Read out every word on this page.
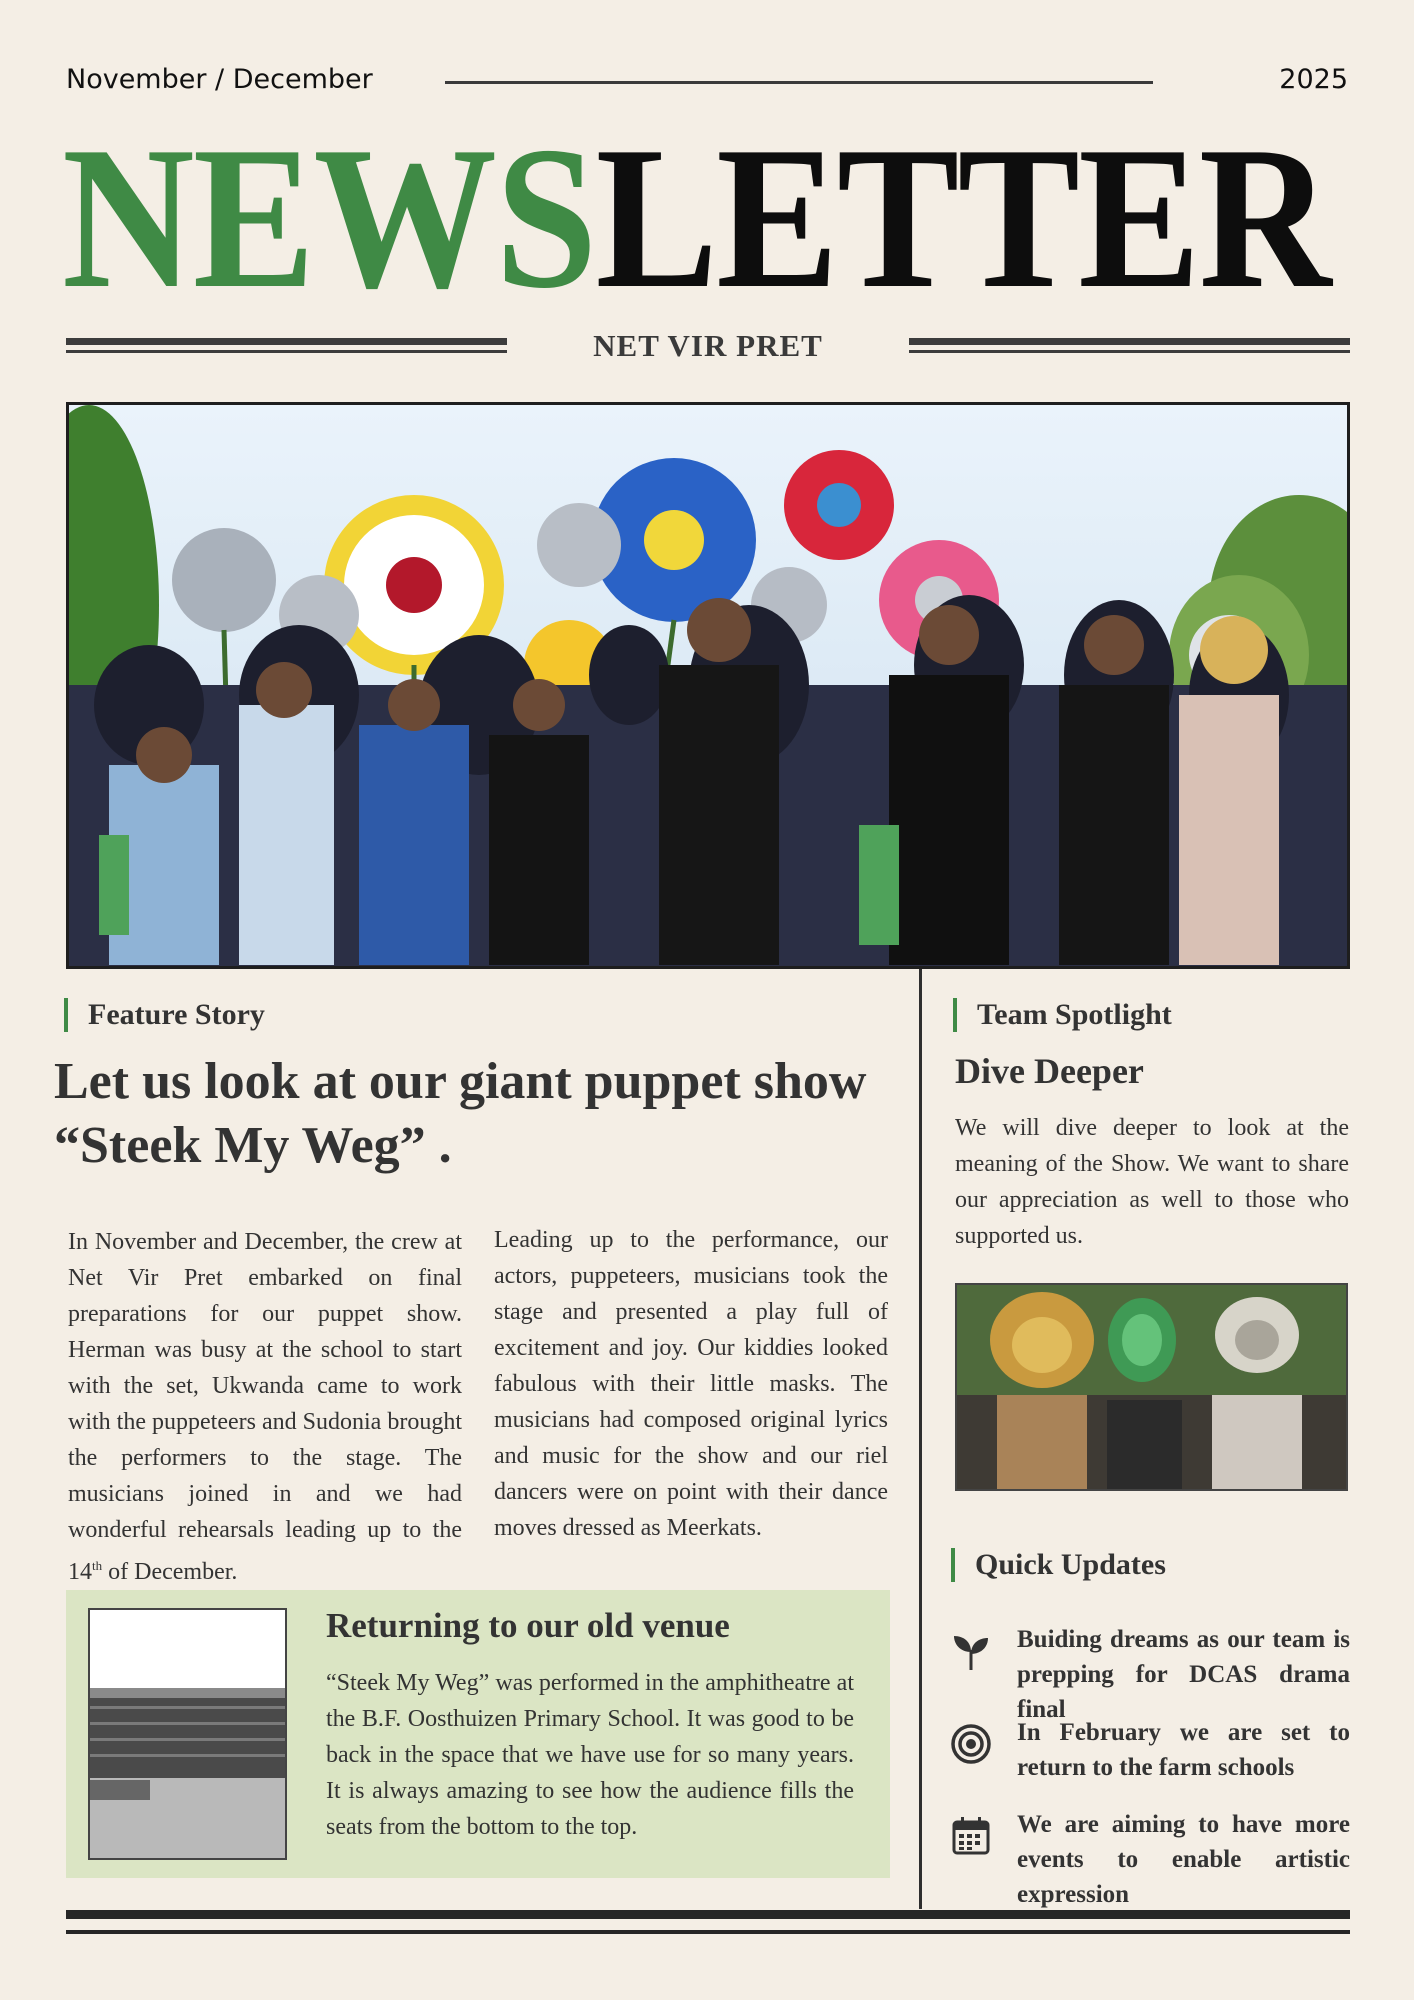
November / December	2025
NEWSLETTER
NET VIR PRET
Feature Story
Let us look at our giant puppet show “Steek My Weg” .
In November and December, the crew at Net Vir Pret embarked on final preparations for our puppet show. Herman was busy at the school to start with the set, Ukwanda came to work with the puppeteers and Sudonia brought the performers to the stage. The musicians joined in and we had wonderful rehearsals leading up to the 14th of December.
Leading up to the performance, our actors, puppeteers, musicians took the stage and presented a play full of excitement and joy. Our kiddies looked fabulous with their little masks. The musicians had composed original lyrics and music for the show and our riel dancers were on point with their dance moves dressed as Meerkats.
Returning to our old venue
“Steek My Weg” was performed in the amphitheatre at the B.F. Oosthuizen Primary School. It was good to be back in the space that we have use for so many years. It is always amazing to see how the audience fills the seats from the bottom to the top.
Team Spotlight
Dive Deeper
We will dive deeper to look at the meaning of the Show. We want to share our appreciation as well to those who supported us.
Quick Updates
Buiding dreams as our team is prepping for DCAS drama final
In February we are set to return to the farm schools
We are aiming to have more events to enable artistic expression
